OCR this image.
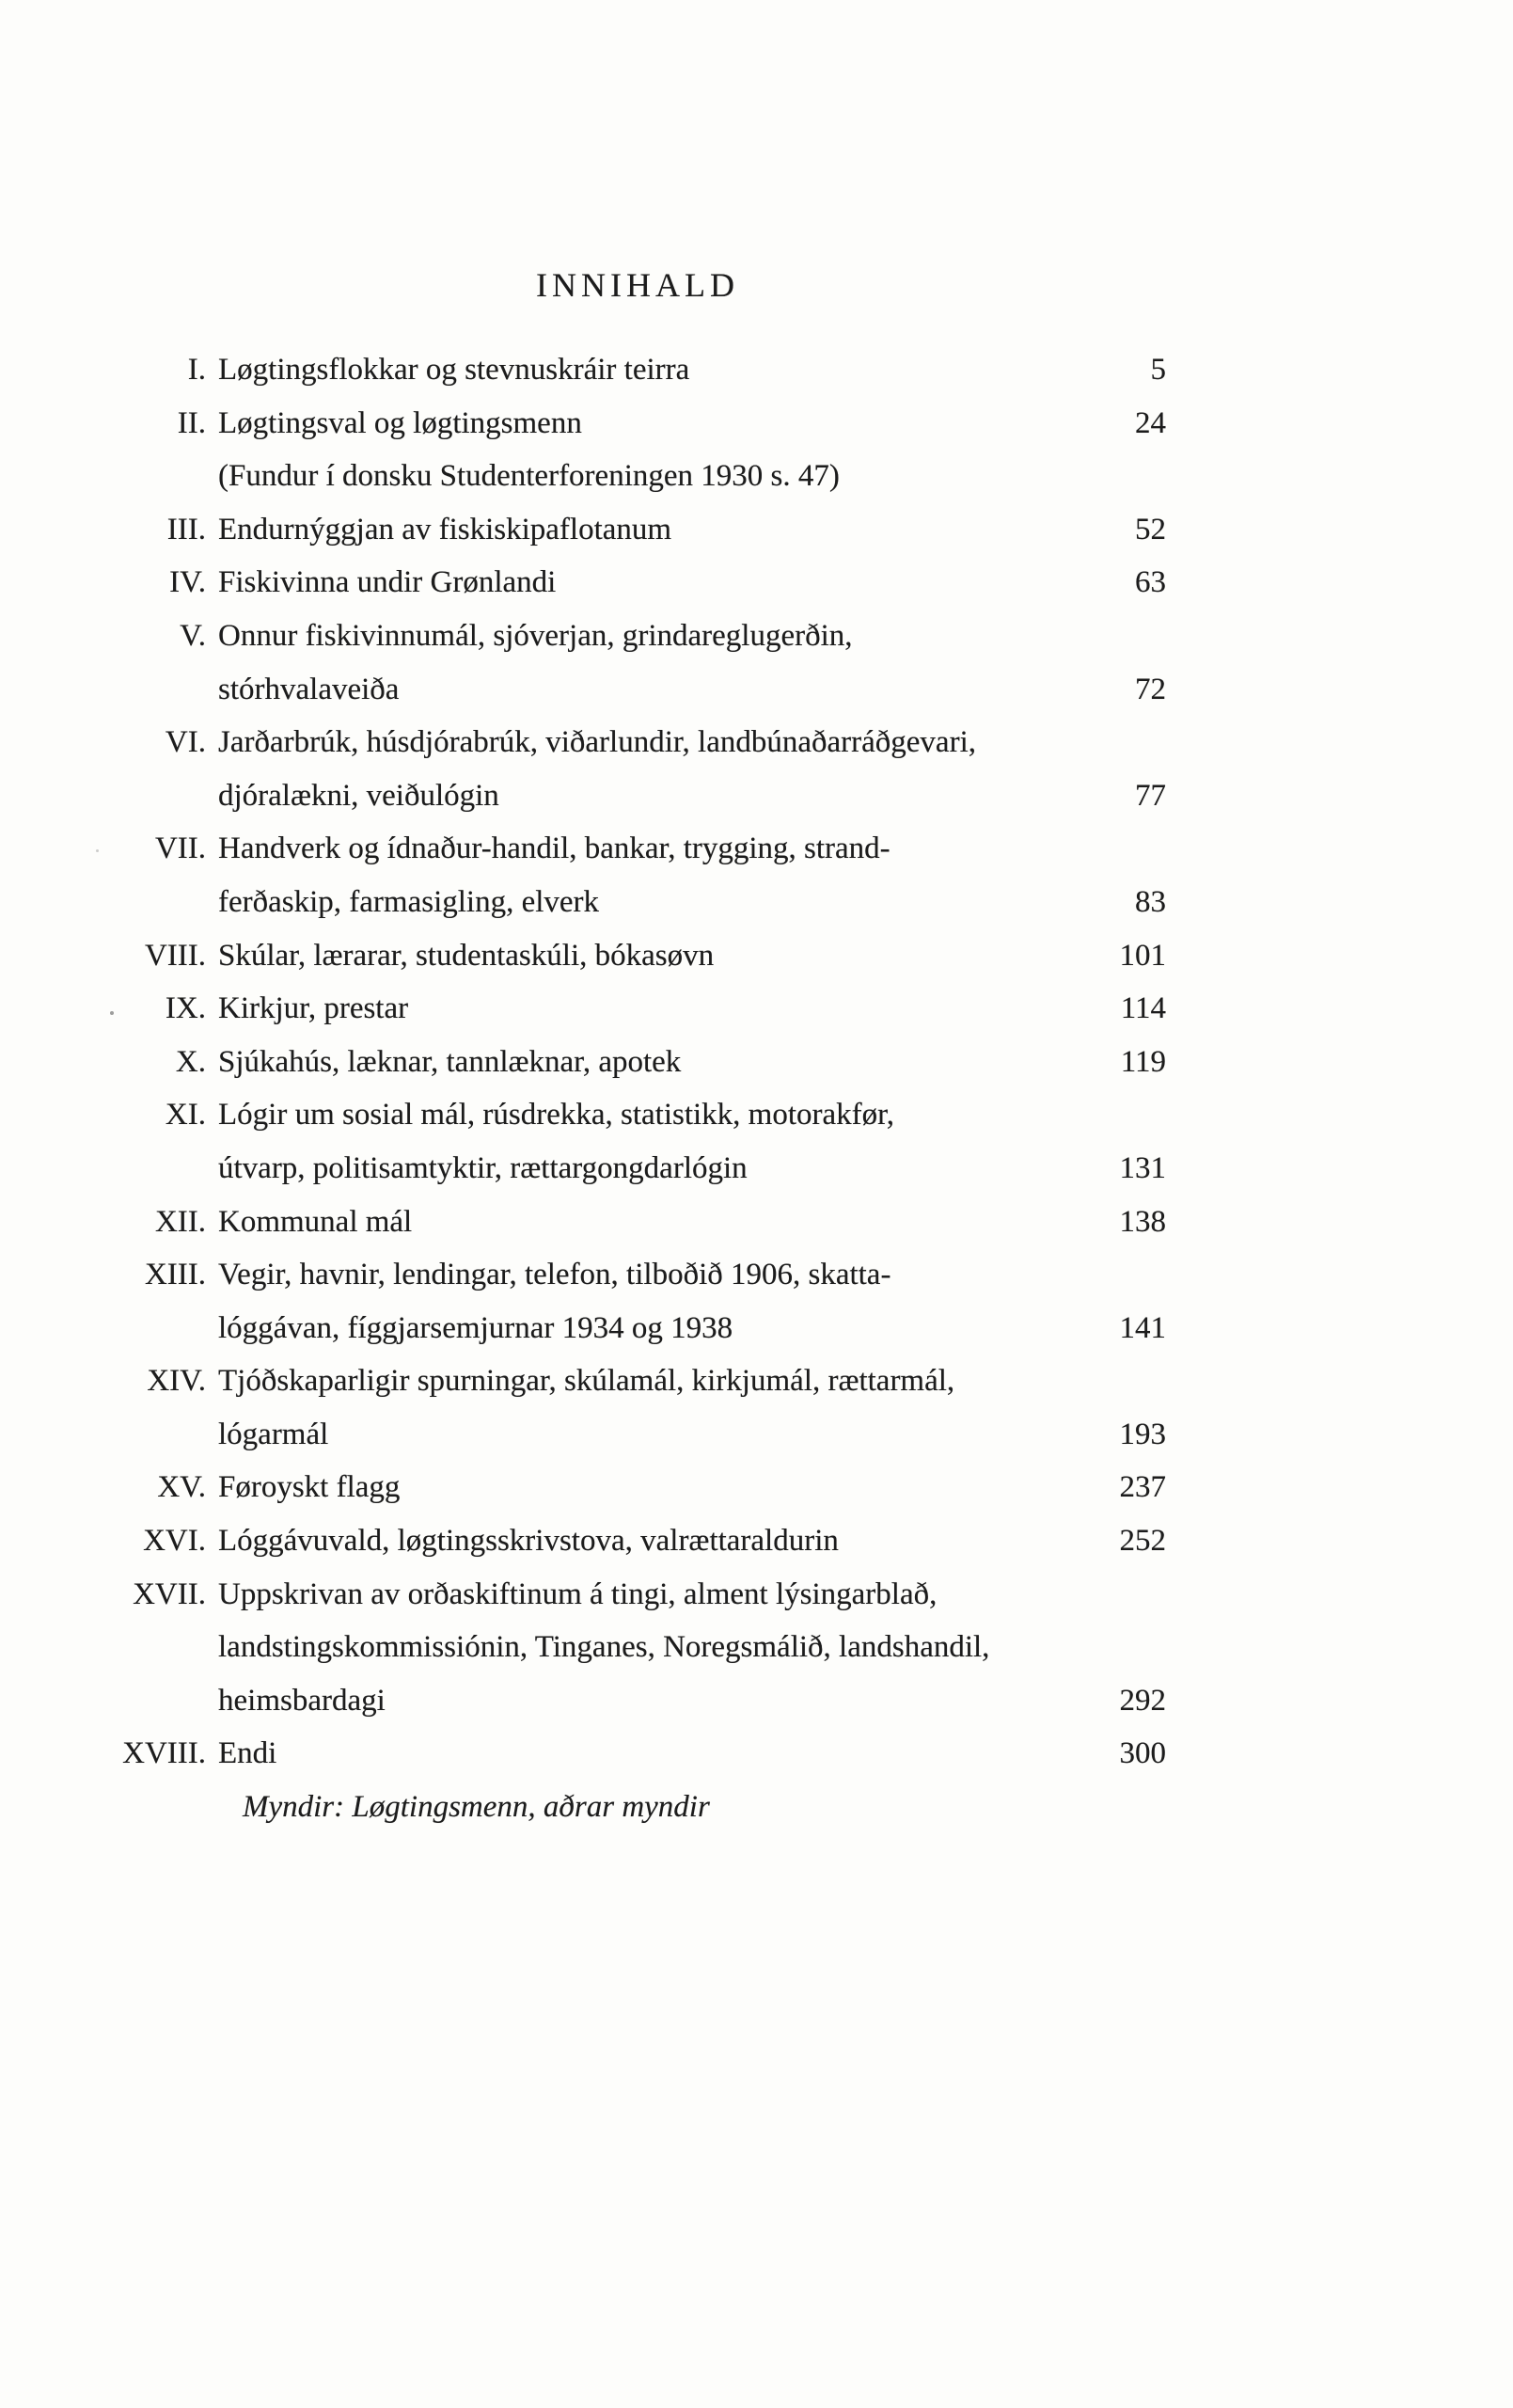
INNIHALD
I. Løgtingsflokkar og stevnuskráir teirra	5
II. Løgtingsval og løgtingsmenn	24
(Fundur í donsku Studenterforeningen 1930 s. 47)
III. Endurnýggjan av fiskiskipaflotanum	52
IV. Fiskivinna undir Grønlandi	63
V. Onnur fiskivinnumál, sjóverjan, grindareglugerðin,
stórhvalaveiða	72
VI. Jarðarbrúk, húsdjórabrúk, viðarlundir, landbúnaðarráðgevari,
djóralækni, veiðulógin	77
VII. Handverk og ídnaður-handil, bankar, trygging, strand-
ferðaskip, farmasigling, elverk	83
VIII. Skúlar, lærarar, studentaskúli, bókasøvn	101
IX. Kirkjur, prestar	114
X. Sjúkahús, læknar, tannlæknar, apotek	119
XI. Lógir um sosial mál, rúsdrekka, statistikk, motorakfør,
útvarp, politisamtyktir, rættargongdarlógin	131
XII. Kommunal mál	138
XIII. Vegir, havnir, lendingar, telefon, tilboðið 1906, skatta-
lóggávan, fíggjarsemjurnar 1934 og 1938	141
XIV. Tjóðskaparligir spurningar, skúlamál, kirkjumál, rættarmál,
lógarmál	193
XV. Føroyskt flagg	237
XVI. Lóggávuvald, løgtingsskrivstova, valrættaraldurin	252
XVII. Uppskrivan av orðaskiftinum á tingi, alment lýsingarblað,
landstingskommissiónin, Tinganes, Noregsmálið, landshandil,
heimsbardagi	292
XVIII. Endi	300
Myndir: Løgtingsmenn, aðrar myndir
